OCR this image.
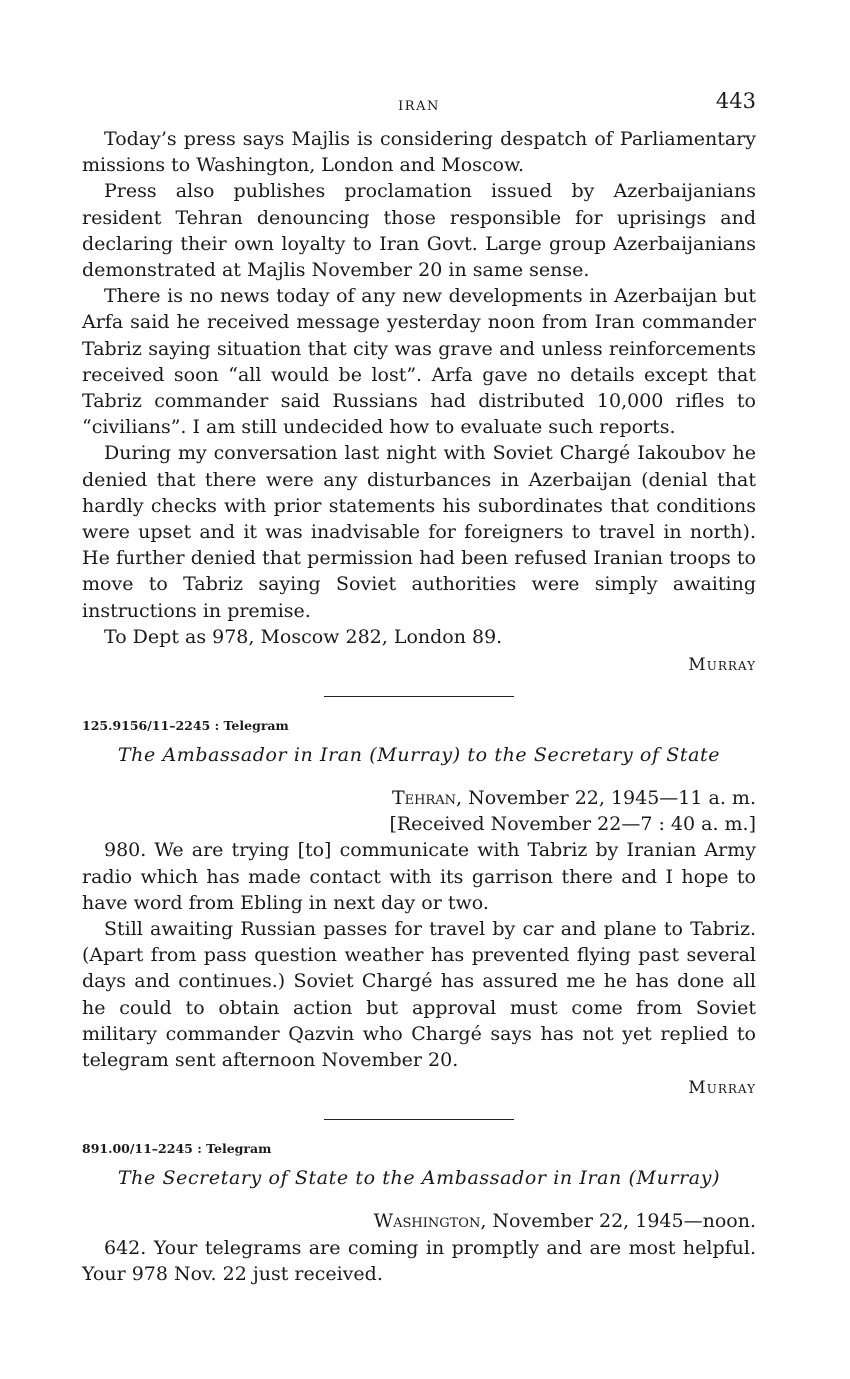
IRAN	443

Today’s press says Majlis is considering despatch of Parliamentary missions to Washington, London and Moscow.

Press also publishes proclamation issued by Azerbaijanians resident Tehran denouncing those responsible for uprisings and declaring their own loyalty to Iran Govt. Large group Azerbaijanians demonstrated at Majlis November 20 in same sense.

There is no news today of any new developments in Azerbaijan but Arfa said he received message yesterday noon from Iran commander Tabriz saying situation that city was grave and unless reinforcements received soon “all would be lost”. Arfa gave no details except that Tabriz commander said Russians had distributed 10,000 rifles to “civilians”. I am still undecided how to evaluate such reports.

During my conversation last night with Soviet Chargé Iakoubov he denied that there were any disturbances in Azerbaijan (denial that hardly checks with prior statements his subordinates that conditions were upset and it was inadvisable for foreigners to travel in north). He further denied that permission had been refused Iranian troops to move to Tabriz saying Soviet authorities were simply awaiting instructions in premise.

To Dept as 978, Moscow 282, London 89.

Murray
125.9156/11–2245 : Telegram
The Ambassador in Iran (Murray) to the Secretary of State
Tehran, November 22, 1945—11 a. m.
[Received November 22—7 : 40 a. m.]

980. We are trying [to] communicate with Tabriz by Iranian Army radio which has made contact with its garrison there and I hope to have word from Ebling in next day or two.

Still awaiting Russian passes for travel by car and plane to Tabriz. (Apart from pass question weather has prevented flying past several days and continues.) Soviet Chargé has assured me he has done all he could to obtain action but approval must come from Soviet military commander Qazvin who Chargé says has not yet replied to telegram sent afternoon November 20.

Murray
891.00/11–2245 : Telegram
The Secretary of State to the Ambassador in Iran (Murray)
Washington, November 22, 1945—noon.

642. Your telegrams are coming in promptly and are most helpful. Your 978 Nov. 22 just received.
